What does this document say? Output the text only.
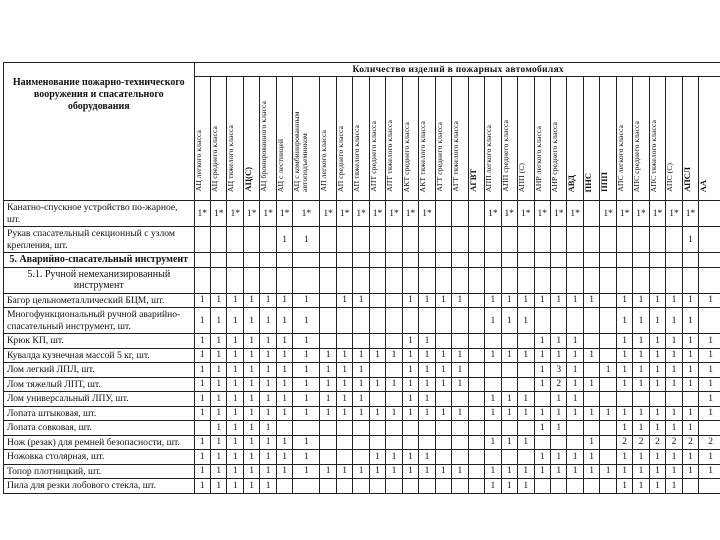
Наименование пожарно-технического вооружения и спасательного оборудования	Количество изделий в пожарных автомобилях																														
	АЦ легкого класса	АЦ среднего класса	АЦ тяжелого класса	АЦ(С)	АЦ бронированного класса	АЦ с лестницей	АЦ с комбинированным автоподъемником	АП легкого класса	АП среднего класса	АП тяжелого класса	АПТ среднего класса	АПТ тяжелого класса	АКТ среднего класса	АКТ тяжелого класса	АГТ среднего класса	АГТ тяжелого класса	АГВТ	АПП легкого класса	АПП среднего класса	АПП (С)	АНР легкого класса	АНР среднего класса	АВД	ПНС	ППП	АПС легкого класса	АПС среднего класса	АПС тяжелого класса	АПС (С)	АПСЛ	АА
Канатно-спускное устройство по-жарное, шт.	1*	1*	1*	1*	1*	1*	1*	1*	1*	1*	1*	1*	1*	1*				1*	1*	1*	1*	1*	1*		1*	1*	1*	1*	1*	1*	
Рукав спасательный секционный с узлом крепления, шт.						1	1																							1	
5. Аварийно-спасательный инструмент																															
5.1. Ручной немеханизированный инструмент																															
Багор цельнометаллический БЦМ, шт.	1	1	1	1	1	1	1		1	1			1	1	1	1		1	1	1	1	1	1	1		1	1	1	1	1	1
Многофункциональный ручной аварийно-спасательный инструмент, шт.	1	1	1	1	1	1	1											1	1	1						1	1	1	1	1	
Крюк КП, шт.	1	1	1	1	1	1	1						1	1							1	1	1			1	1	1	1	1	1
Кувалда кузнечная массой 5 кг, шт.	1	1	1	1	1	1	1	1	1	1	1	1	1	1	1	1		1	1	1	1	1	1	1		1	1	1	1	1	1
Лом легкий ЛПЛ, шт.	1	1	1	1	1	1	1	1	1	1			1	1	1	1					1	3	1		1	1	1	1	1	1	1
Лом тяжелый ЛПТ, шт.	1	1	1	1	1	1	1	1	1	1	1	1	1	1	1	1					1	2	1	1		1	1	1	1	1	1
Лом универсальный ЛПУ, шт.	1	1	1	1	1	1	1	1	1	1			1	1				1	1	1		1	1								1
Лопата штыковая, шт.	1	1	1	1	1	1	1	1	1	1	1	1	1	1	1	1		1	1	1	1	1	1	1	1	1	1	1	1	1	1
Лопата совковая, шт.		1	1	1	1																1	1				1	1	1	1	1	
Нож (резак) для ремней безопасности, шт.	1	1	1	1	1	1	1											1	1	1				1		2	2	2	2	2	2
Ножовка столярная, шт.	1	1	1	1	1	1	1				1	1	1	1							1	1	1	1		1	1	1	1	1	1
Топор плотницкий, шт.	1	1	1	1	1	1	1	1	1	1	1	1	1	1	1	1		1	1	1	1	1	1	1	1	1	1	1	1	1	1
Пила для резки лобового стекла, шт.	1	1	1	1	1													1	1	1						1	1	1	1		
